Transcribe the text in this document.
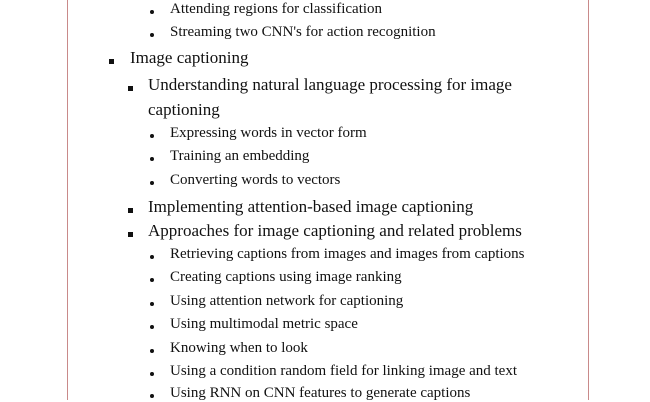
Attending regions for classification
Streaming two CNN's for action recognition
Image captioning
Understanding natural language processing for image
captioning
Expressing words in vector form
Training an embedding
Converting words to vectors
Implementing attention-based image captioning
Approaches for image captioning and related problems
Retrieving captions from images and images from captions
Creating captions using image ranking
Using attention network for captioning
Using multimodal metric space
Knowing when to look
Using a condition random field for linking image and text
Using RNN on CNN features to generate captions
